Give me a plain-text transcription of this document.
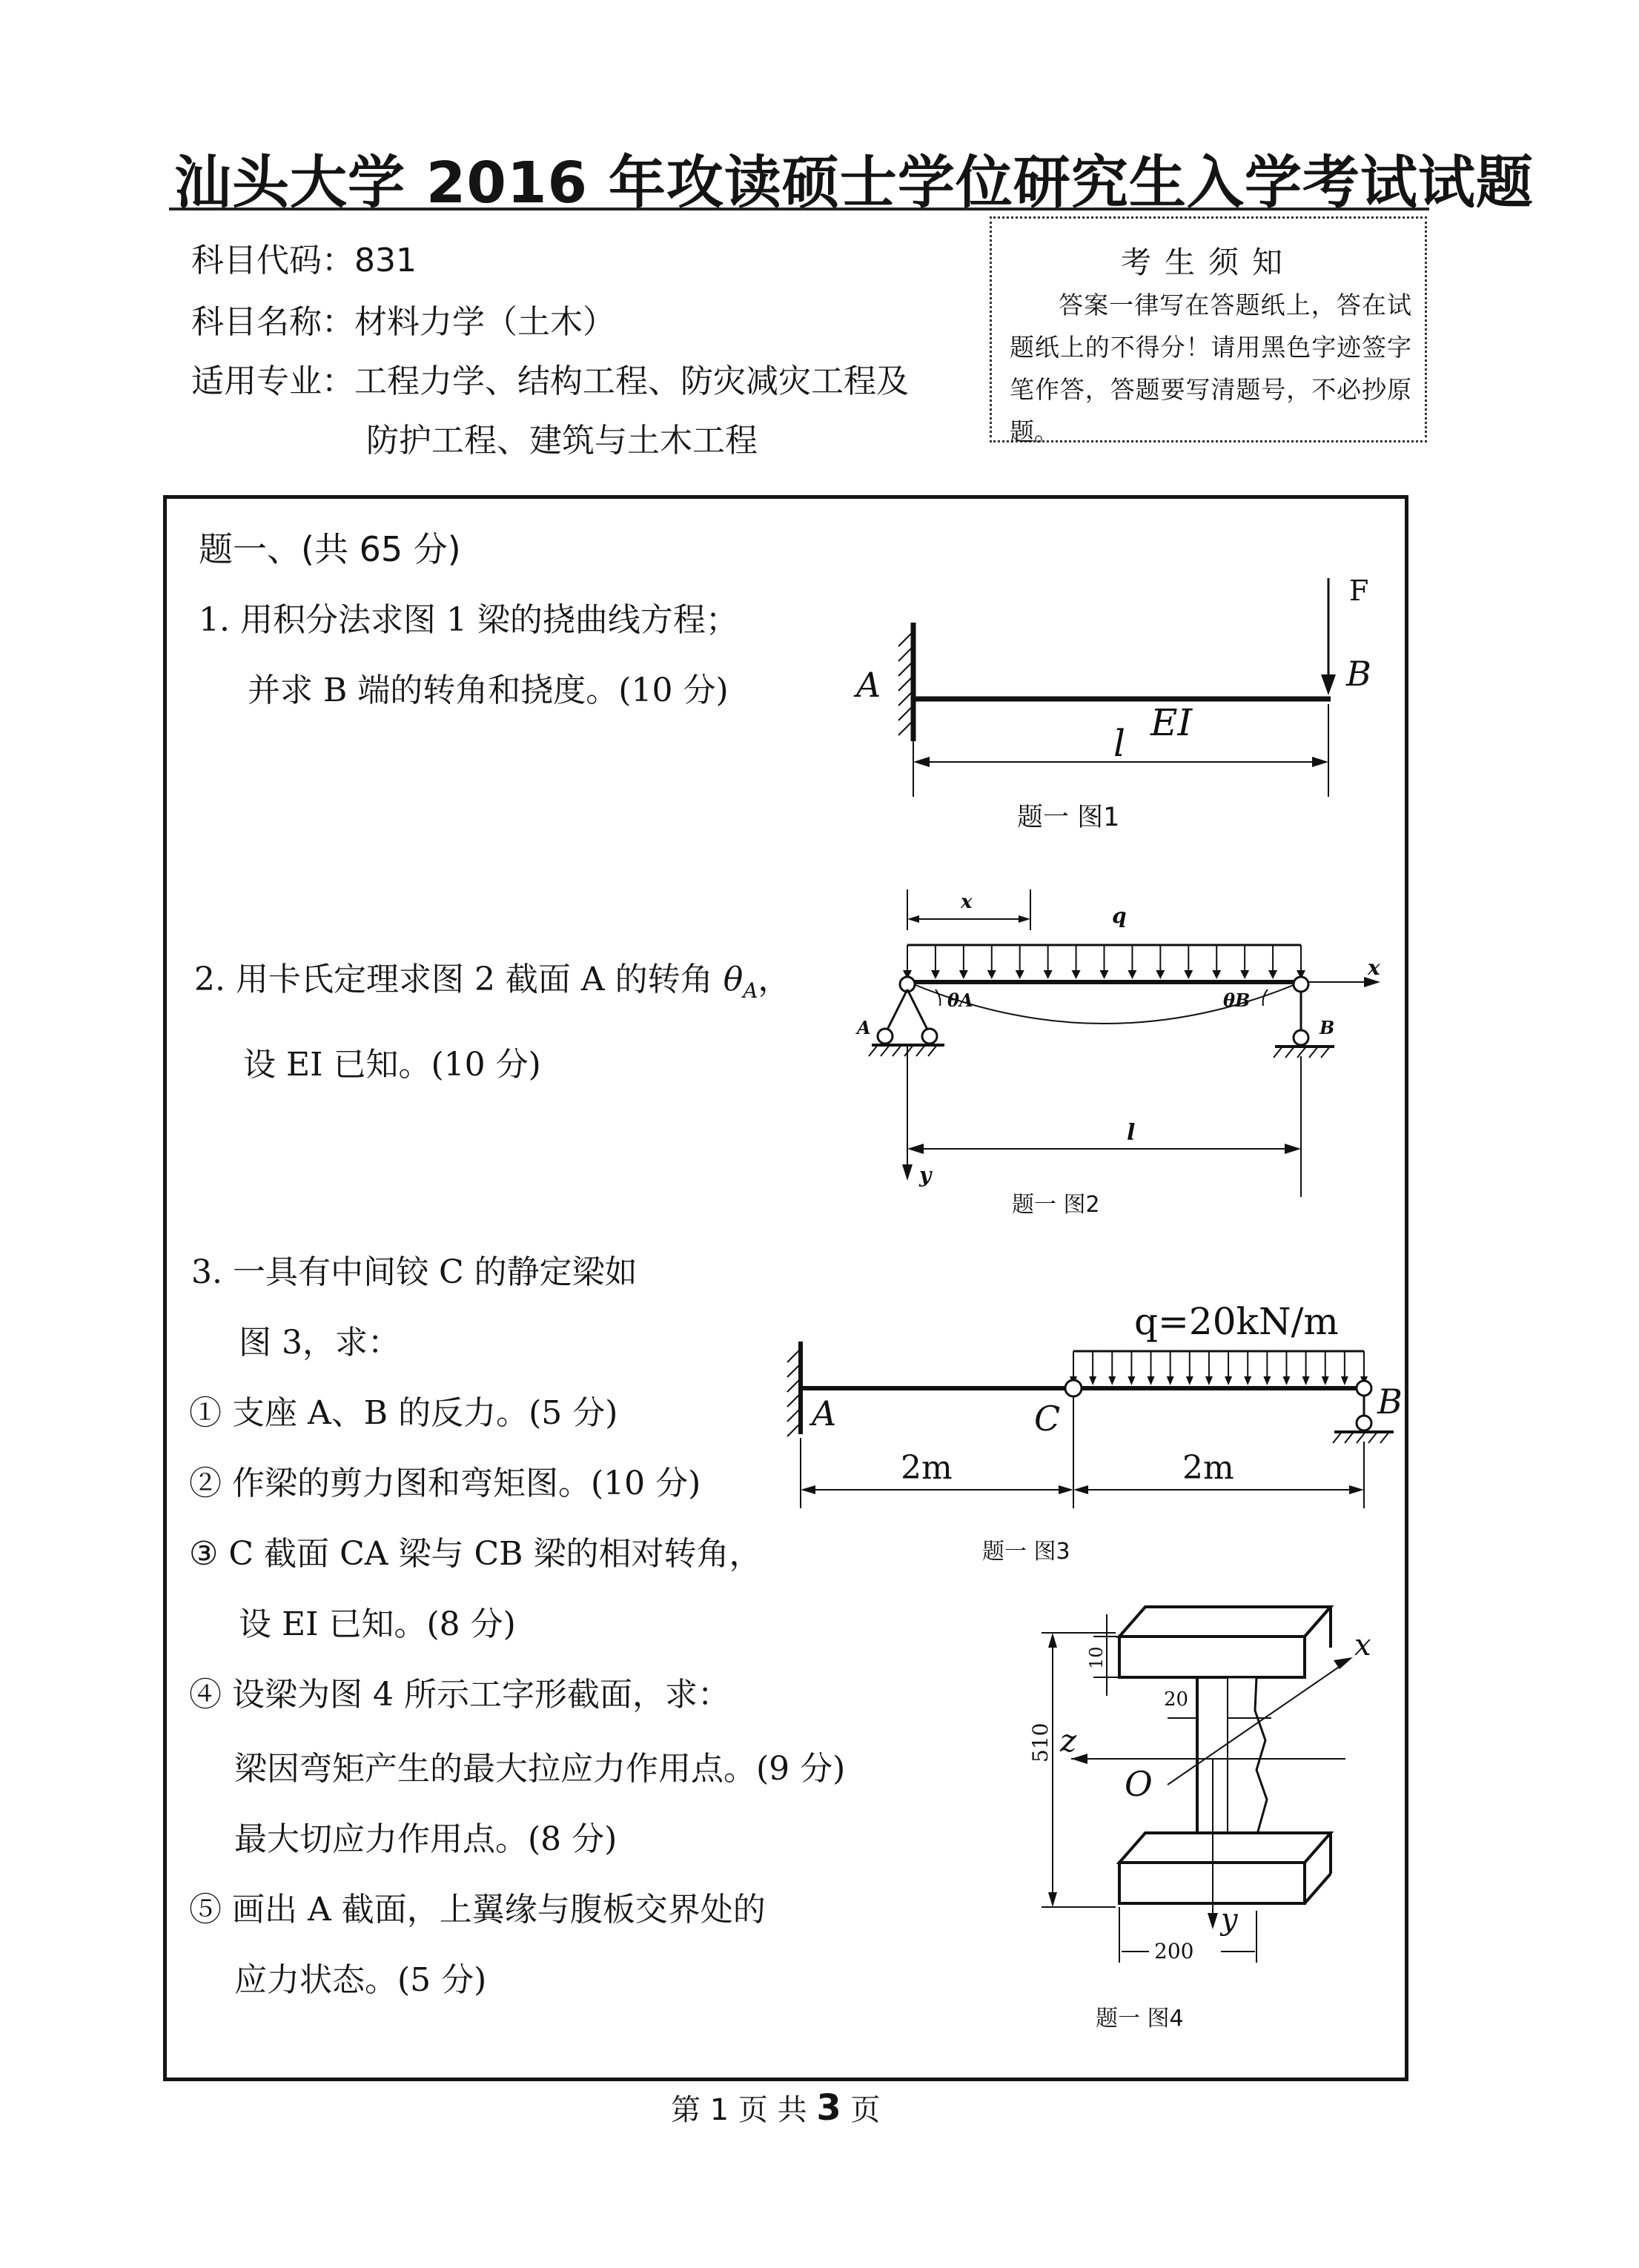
汕头大学 2016 年攻读硕士学位研究生入学考试试题
科目代码：831
科目名称：材料力学（土木）
适用专业：工程力学、结构工程、防灾减灾工程及
防护工程、建筑与土木工程
考生须知
答案一律写在答题纸上，答在试题纸上的不得分！请用黑色字迹签字笔作答，答题要写清题号，不必抄原题。
题一、(共 65 分)
1. 用积分法求图 1 梁的挠曲线方程；
并求 B 端的转角和挠度。(10 分)
2. 用卡氏定理求图 2 截面 A 的转角 $\theta_A$，
设 EI 已知。(10 分)
3. 一具有中间铰 C 的静定梁如
图 3，求：
① 支座 A、B 的反力。(5 分)
② 作梁的剪力图和弯矩图。(10 分)
③ C 截面 CA 梁与 CB 梁的相对转角，
设 EI 已知。(8 分)
④ 设梁为图 4 所示工字形截面，求：
梁因弯矩产生的最大拉应力作用点。(9 分)
最大切应力作用点。(8 分)
⑤ 画出 A 截面，上翼缘与腹板交界处的
应力状态。(5 分)
F
A	B
EI
l
题一 图1
x
q
x
θA	θB
A	B
y
l
题一 图2
q=20kN/m
A	C	B
2m	2m
题一 图3
z
O
x
y
10
20
510
200
题一 图4
第 1 页 共 3 页
